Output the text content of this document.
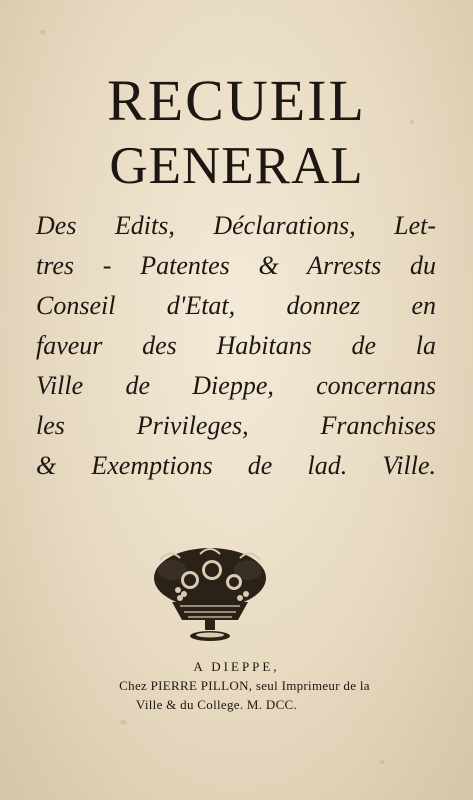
RECUEIL
GENERAL
Des Edits, Déclarations, Let-
tres - Patentes & Arrests du
Conseil d'Etat, donnez en
faveur des Habitans de la
Ville de Dieppe, concernans
les Privileges, Franchises
& Exemptions de lad. Ville.
A DIEPPE,
Chez PIERRE PILLON, seul Imprimeur de la
Ville & du College. M. DCC.
